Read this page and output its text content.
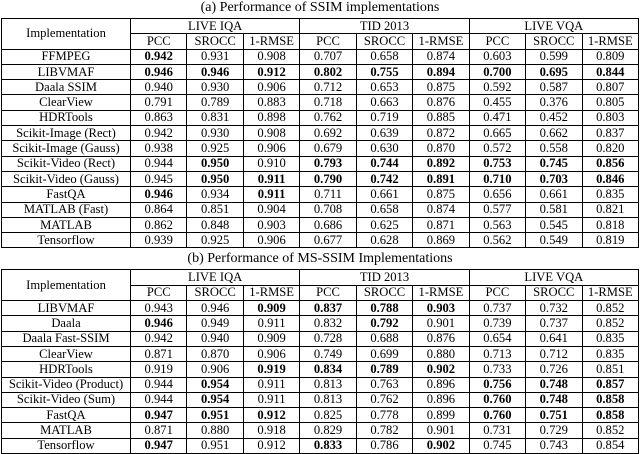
(a) Performance of SSIM implementations
Implementation	LIVE IQA			TID 2013			LIVE VQA		
	PCC	SROCC	1-RMSE	PCC	SROCC	1-RMSE	PCC	SROCC	1-RMSE
FFMPEG	0.942	0.931	0.908	0.707	0.658	0.874	0.603	0.599	0.809
LIBVMAF	0.946	0.946	0.912	0.802	0.755	0.894	0.700	0.695	0.844
Daala SSIM	0.940	0.930	0.906	0.712	0.653	0.875	0.592	0.587	0.807
ClearView	0.791	0.789	0.883	0.718	0.663	0.876	0.455	0.376	0.805
HDRTools	0.863	0.831	0.898	0.762	0.719	0.885	0.471	0.452	0.803
Scikit-Image (Rect)	0.942	0.930	0.908	0.692	0.639	0.872	0.665	0.662	0.837
Scikit-Image (Gauss)	0.938	0.925	0.906	0.679	0.630	0.870	0.572	0.558	0.820
Scikit-Video (Rect)	0.944	0.950	0.910	0.793	0.744	0.892	0.753	0.745	0.856
Scikit-Video (Gauss)	0.945	0.950	0.911	0.790	0.742	0.891	0.710	0.703	0.846
FastQA	0.946	0.934	0.911	0.711	0.661	0.875	0.656	0.661	0.835
MATLAB (Fast)	0.864	0.851	0.904	0.708	0.658	0.874	0.577	0.581	0.821
MATLAB	0.862	0.848	0.903	0.686	0.625	0.871	0.563	0.545	0.818
Tensorflow	0.939	0.925	0.906	0.677	0.628	0.869	0.562	0.549	0.819
(b) Performance of MS-SSIM Implementations
Implementation	LIVE IQA			TID 2013			LIVE VQA		
	PCC	SROCC	1-RMSE	PCC	SROCC	1-RMSE	PCC	SROCC	1-RMSE
LIBVMAF	0.943	0.946	0.909	0.837	0.788	0.903	0.737	0.732	0.852
Daala	0.946	0.949	0.911	0.832	0.792	0.901	0.739	0.737	0.852
Daala Fast-SSIM	0.942	0.940	0.909	0.728	0.688	0.876	0.654	0.641	0.835
ClearView	0.871	0.870	0.906	0.749	0.699	0.880	0.713	0.712	0.835
HDRTools	0.919	0.906	0.919	0.834	0.789	0.902	0.733	0.726	0.851
Scikit-Video (Product)	0.944	0.954	0.911	0.813	0.763	0.896	0.756	0.748	0.857
Scikit-Video (Sum)	0.944	0.954	0.911	0.813	0.762	0.896	0.760	0.748	0.858
FastQA	0.947	0.951	0.912	0.825	0.778	0.899	0.760	0.751	0.858
MATLAB	0.871	0.880	0.918	0.829	0.782	0.901	0.731	0.729	0.852
Tensorflow	0.947	0.951	0.912	0.833	0.786	0.902	0.745	0.743	0.854
